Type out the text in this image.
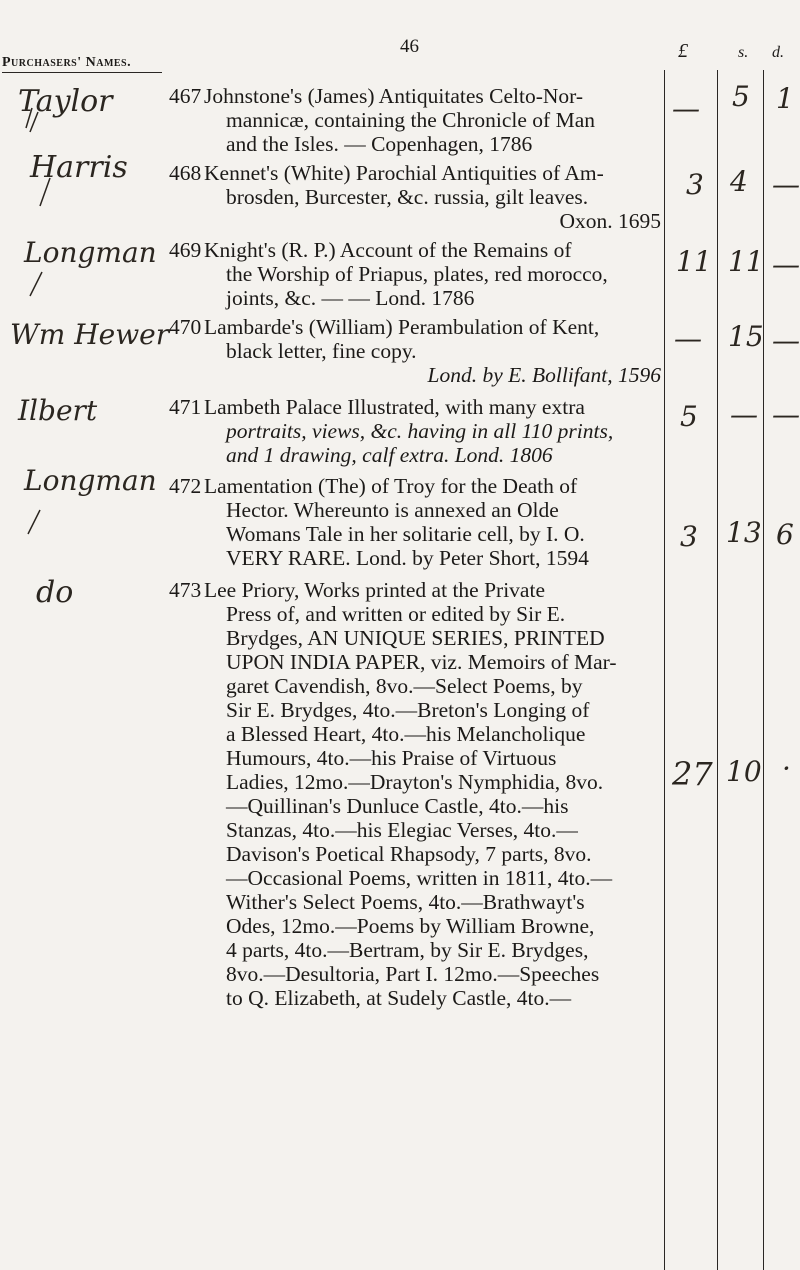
Purchasers' Names.
46	£	s. d.
467 Johnstone's (James) Antiquitates Celto-Nor-
mannicæ, containing the Chronicle of Man
and the Isles. — Copenhagen, 1786
468 Kennet's (White) Parochial Antiquities of Am-
brosden, Burcester, &c. russia, gilt leaves.
Oxon. 1695
469 Knight's (R. P.) Account of the Remains of
the Worship of Priapus, plates, red morocco,
joints, &c. — — Lond. 1786
470 Lambarde's (William) Perambulation of Kent,
black letter, fine copy.
Lond. by E. Bollifant, 1596
471 Lambeth Palace Illustrated, with many extra
portraits, views, &c. having in all 110 prints,
and 1 drawing, calf extra. Lond. 1806
472 Lamentation (The) of Troy for the Death of
Hector. Whereunto is annexed an Olde
Womans Tale in her solitarie cell, by I. O.
VERY RARE. Lond. by Peter Short, 1594
473 Lee Priory, Works printed at the Private
Press of, and written or edited by Sir E.
Brydges, AN UNIQUE SERIES, PRINTED
UPON INDIA PAPER, viz. Memoirs of Mar-
garet Cavendish, 8vo.—Select Poems, by
Sir E. Brydges, 4to.—Breton's Longing of
a Blessed Heart, 4to.—his Melancholique
Humours, 4to.—his Praise of Virtuous
Ladies, 12mo.—Drayton's Nymphidia, 8vo.
—Quillinan's Dunluce Castle, 4to.—his
Stanzas, 4to.—his Elegiac Verses, 4to.—
Davison's Poetical Rhapsody, 7 parts, 8vo.
—Occasional Poems, written in 1811, 4to.—
Wither's Select Poems, 4to.—Brathwayt's
Odes, 12mo.—Poems by William Browne,
4 parts, 4to.—Bertram, by Sir E. Brydges,
8vo.—Desultoria, Part I. 12mo.—Speeches
to Q. Elizabeth, at Sudely Castle, 4to.—
Taylor
Harris
Longman
Wm Hewer
Ilbert
Longman
do
— 5 1
3 4 —
11 11 —
— 15 —
5 — —
3 13 6
27 10 ·
